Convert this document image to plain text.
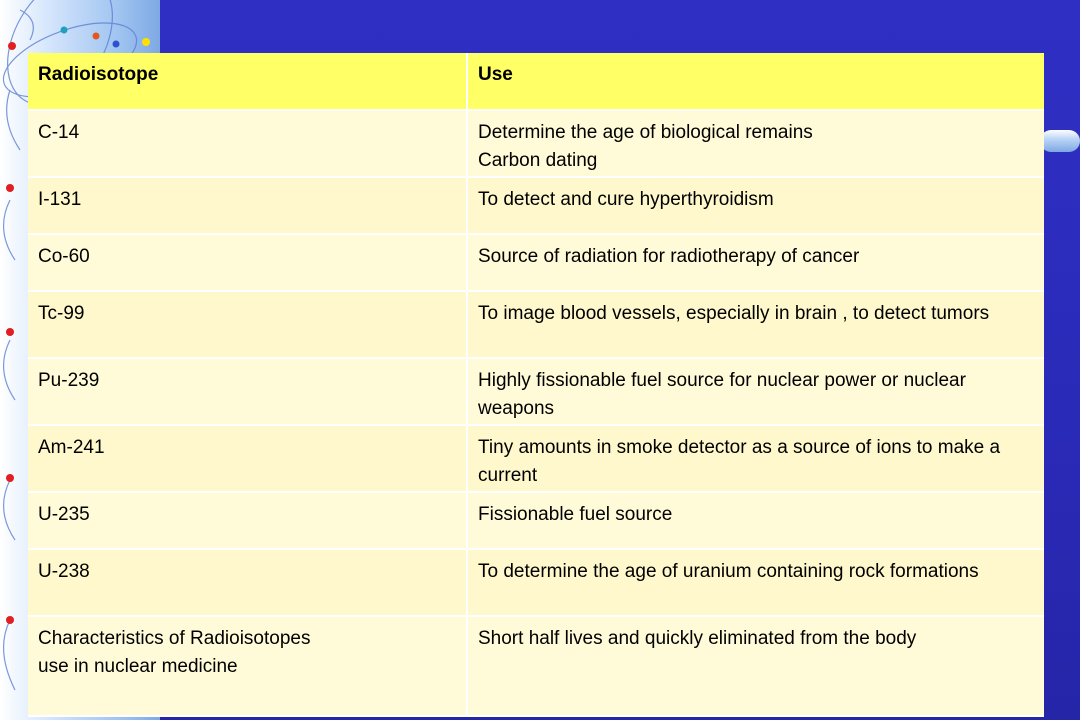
Radioisotope	Use
C-14	Determine the age of biological remains
Carbon dating
I-131	To detect and cure hyperthyroidism
Co-60	Source of radiation for radiotherapy of cancer
Tc-99	To image blood vessels, especially in brain , to detect tumors
Pu-239	Highly fissionable fuel source for nuclear power or nuclear weapons
Am-241	Tiny amounts in smoke detector as a source of ions to make a current
U-235	Fissionable fuel source
U-238	To determine the age of uranium containing rock formations
Characteristics of Radioisotopes
use in nuclear medicine	Short half lives and quickly eliminated from the body
